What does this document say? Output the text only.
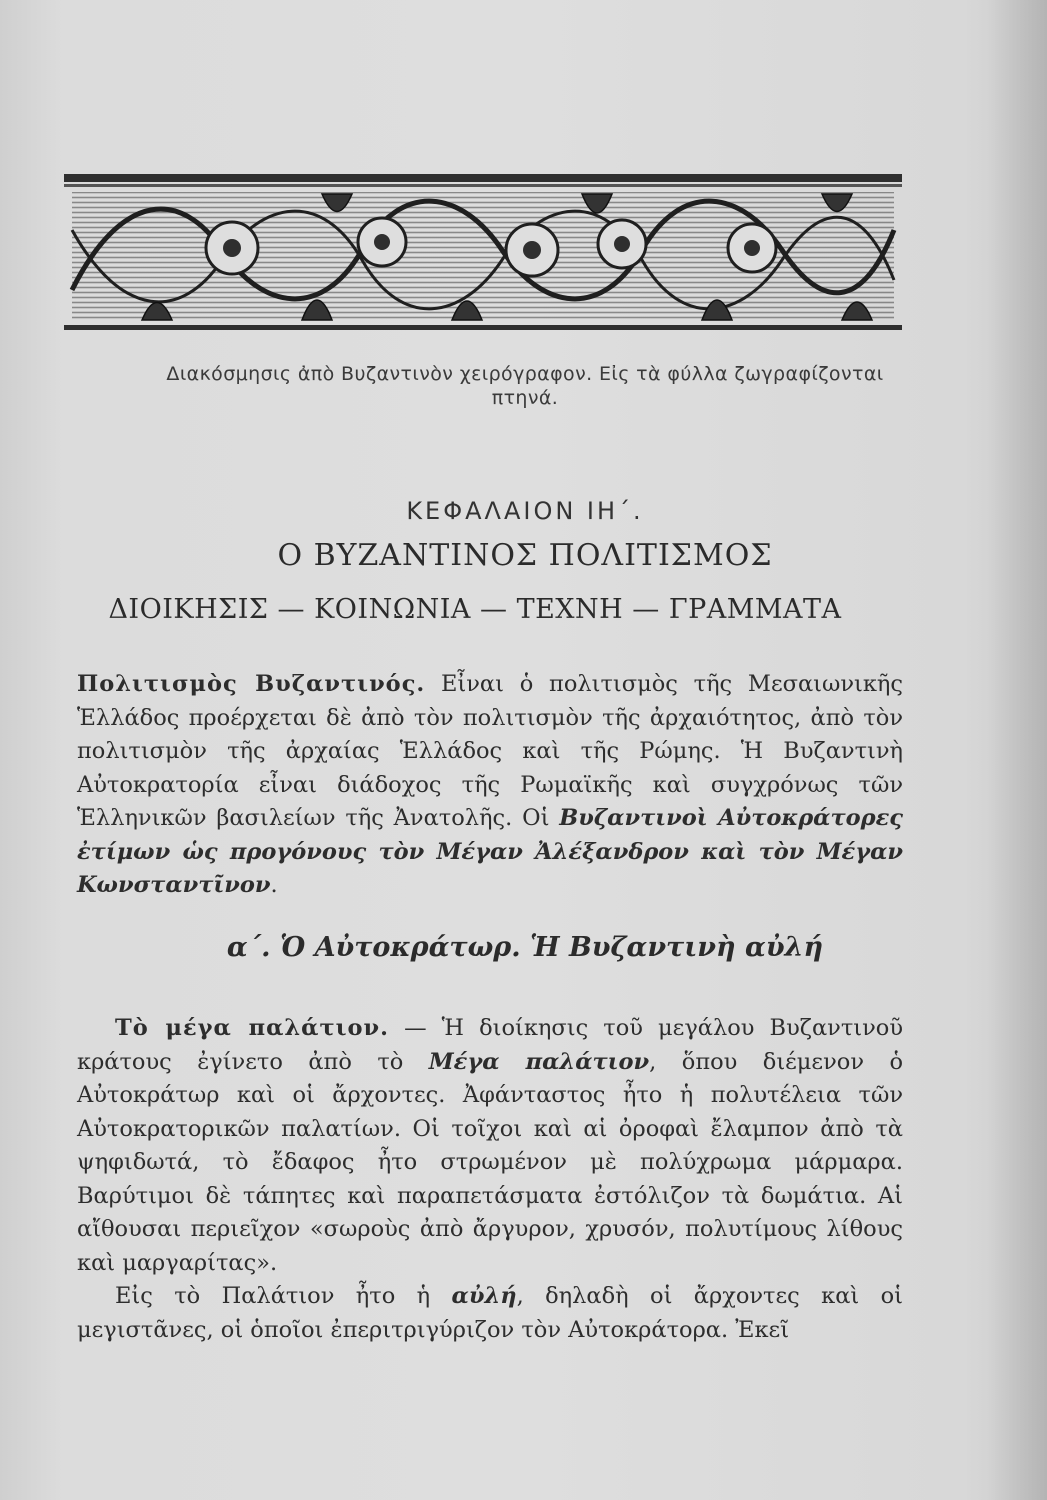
Διακόσμησις ἀπὸ Βυζαντινὸν χειρόγραφον. Εἰς τὰ φύλλα ζωγραφίζονται πτηνά.
ΚΕΦΑΛΑΙΟΝ ΙΗ΄.
Ο ΒΥΖΑΝΤΙΝΟΣ ΠΟΛΙΤΙΣΜΟΣ
ΔΙΟΙΚΗΣΙΣ — ΚΟΙΝΩΝΙΑ — ΤΕΧΝΗ — ΓΡΑΜΜΑΤΑ
Πολιτισμὸς Βυζαντινός. Εἶναι ὁ πολιτισμὸς τῆς Μεσαιωνικῆς Ἑλλάδος προέρχεται δὲ ἀπὸ τὸν πολιτισμὸν τῆς ἀρχαιότητος, ἀπὸ τὸν πολιτισμὸν τῆς ἀρχαίας Ἑλλάδος καὶ τῆς Ρώμης. Ἡ Βυζαντινὴ Αὐτοκρατορία εἶναι διάδοχος τῆς Ρωμαϊκῆς καὶ συγχρόνως τῶν Ἑλληνικῶν βασιλείων τῆς Ἀνατολῆς. Οἱ Βυζαντινοὶ Αὐτοκράτορες ἐτίμων ὡς προγόνους τὸν Μέγαν Ἀλέξανδρον καὶ τὸν Μέγαν Κωνσταντῖνον.
α΄. Ὁ Αὐτοκράτωρ. Ἡ Βυζαντινὴ αὐλή
Τὸ μέγα παλάτιον. — Ἡ διοίκησις τοῦ μεγάλου Βυζαντινοῦ κράτους ἐγίνετο ἀπὸ τὸ Μέγα παλάτιον, ὅπου διέμενον ὁ Αὐτοκράτωρ καὶ οἱ ἄρχοντες. Ἀφάνταστος ἦτο ἡ πολυτέλεια τῶν Αὐτοκρατορικῶν παλατίων. Οἱ τοῖχοι καὶ αἱ ὀροφαὶ ἔλαμπον ἀπὸ τὰ ψηφιδωτά, τὸ ἔδαφος ἦτο στρωμένον μὲ πολύχρωμα μάρμαρα. Βαρύτιμοι δὲ τάπητες καὶ παραπετάσματα ἐστόλιζον τὰ δωμάτια. Αἱ αἴθουσαι περιεῖχον «σωροὺς ἀπὸ ἄργυρον, χρυσόν, πολυτίμους λίθους καὶ μαργαρίτας».
Εἰς τὸ Παλάτιον ἦτο ἡ αὐλή, δηλαδὴ οἱ ἄρχοντες καὶ οἱ μεγιστᾶνες, οἱ ὁποῖοι ἐπεριτριγύριζον τὸν Αὐτοκράτορα. Ἐκεῖ
